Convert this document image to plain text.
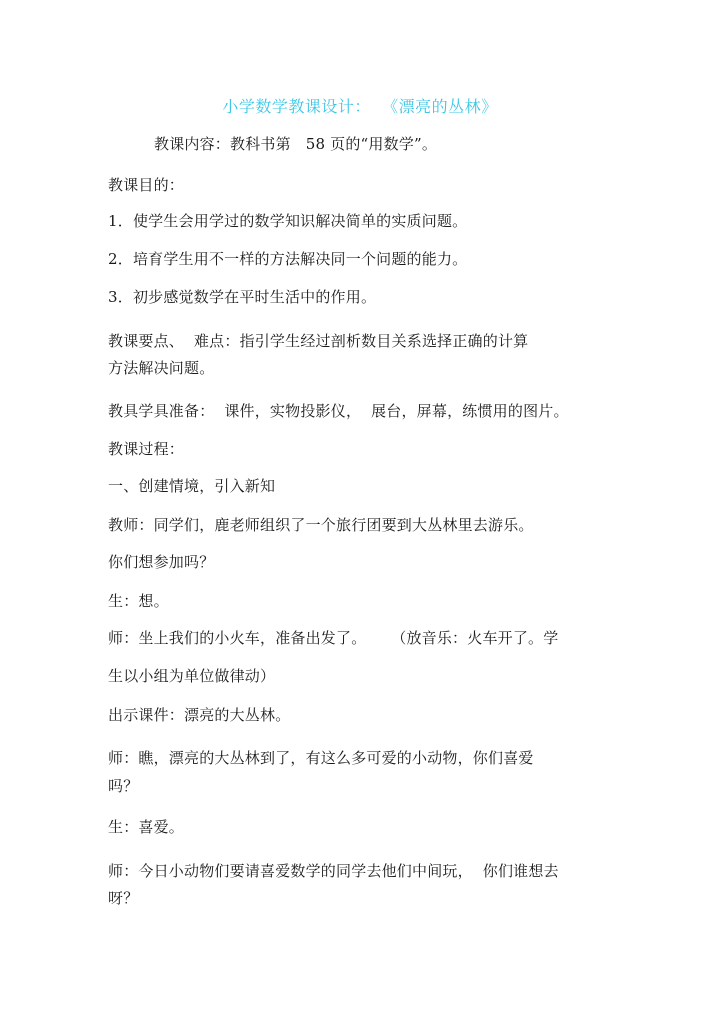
小学数学教课设计：  《漂亮的丛林》
教课内容：教科书第   58 页的“用数学”。
教课目的：
1．使学生会用学过的数学知识解决简单的实质问题。
2．培育学生用不一样的方法解决同一个问题的能力。
3．初步感觉数学在平时生活中的作用。
教课要点、  难点：指引学生经过剖析数目关系选择正确的计算
方法解决问题。
教具学具准备：  课件，实物投影仪，  展台，屏幕，练惯用的图片。
教课过程：
一、创建情境，引入新知
教师：同学们，鹿老师组织了一个旅行团要到大丛林里去游乐。
你们想参加吗？
生：想。
师：坐上我们的小火车，准备出发了。     （放音乐：火车开了。学
生以小组为单位做律动）
出示课件：漂亮的大丛林。
师：瞧，漂亮的大丛林到了，有这么多可爱的小动物，你们喜爱
吗？
生：喜爱。
师：今日小动物们要请喜爱数学的同学去他们中间玩，  你们谁想去
呀？
